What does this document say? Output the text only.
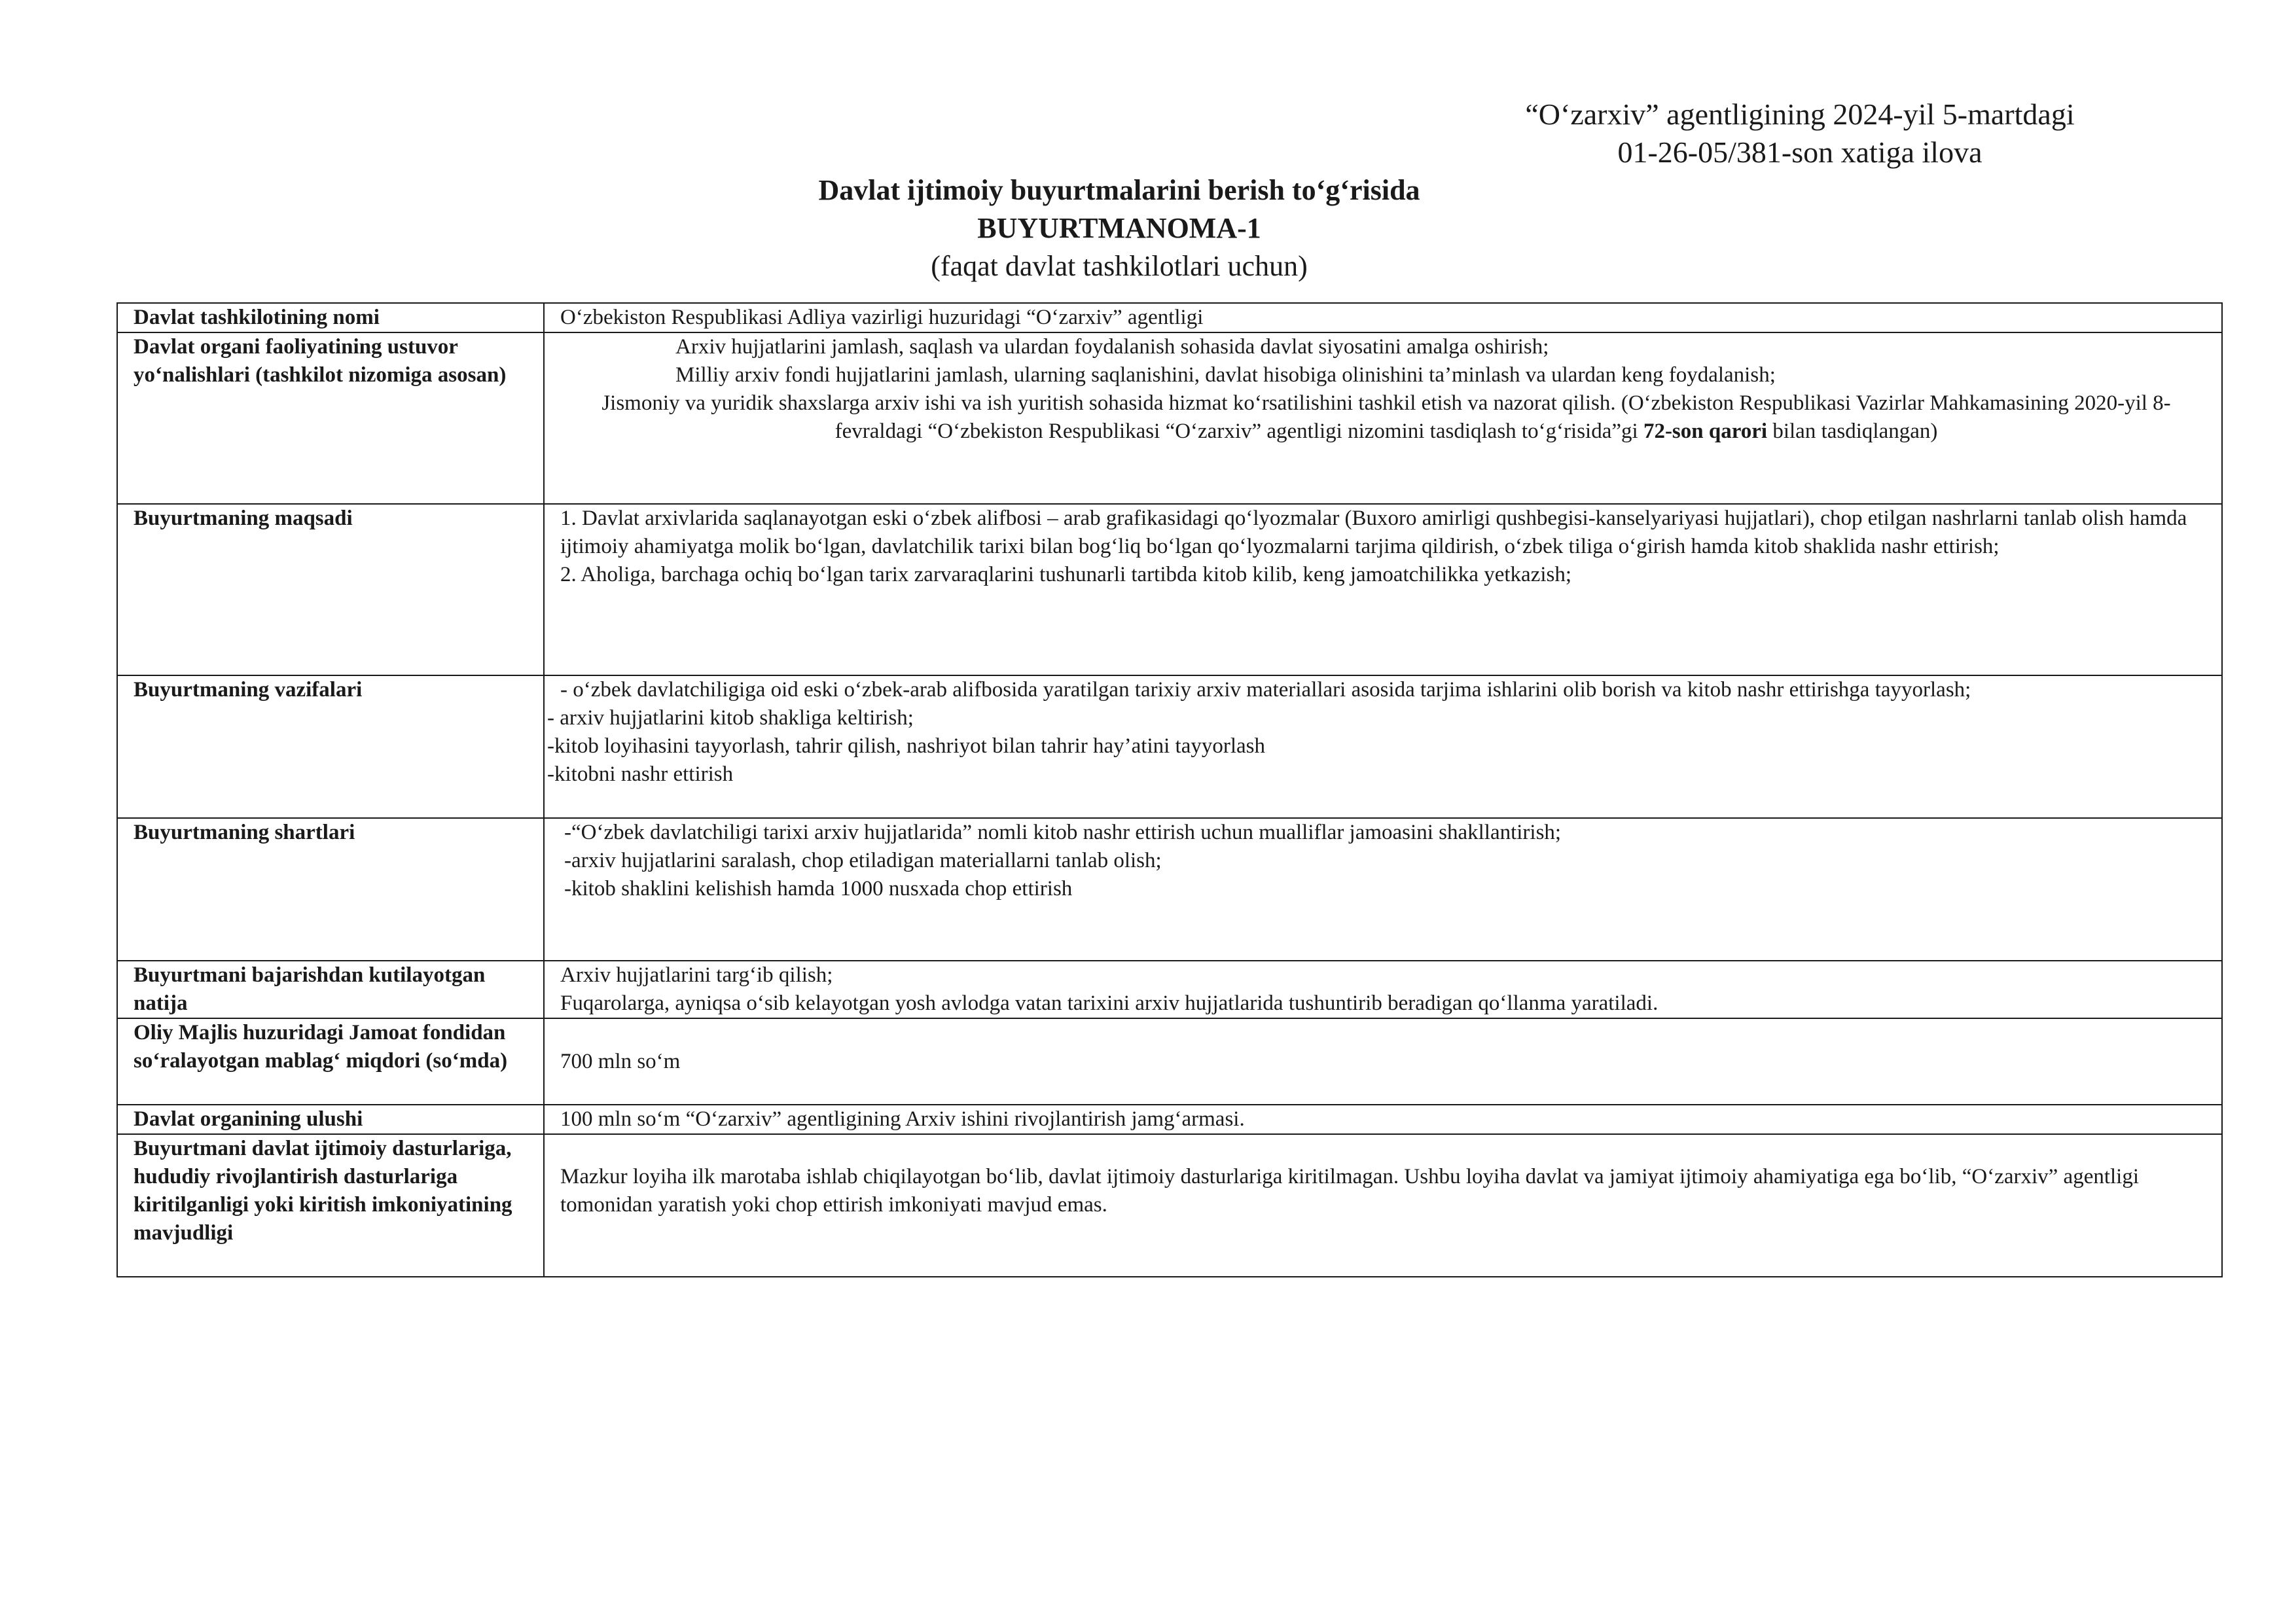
“O‘zarxiv” agentligining 2024-yil 5-martdagi
01-26-05/381-son xatiga ilova
Davlat ijtimoiy buyurtmalarini berish to‘g‘risida
BUYURTMANOMA-1
(faqat davlat tashkilotlari uchun)
Davlat tashkilotining nomi	O‘zbekiston Respublikasi Adliya vazirligi huzuridagi “O‘zarxiv” agentligi

Davlat organi faoliyatining ustuvor yo‘nalishlari (tashkilot nizomiga asosan)	Arxiv hujjatlarini jamlash, saqlash va ulardan foydalanish sohasida davlat siyosatini amalga oshirish;
Milliy arxiv fondi hujjatlarini jamlash, ularning saqlanishini, davlat hisobiga olinishini ta’minlash va ulardan keng foydalanish;
Jismoniy va yuridik shaxslarga arxiv ishi va ish yuritish sohasida hizmat ko‘rsatilishini tashkil etish va nazorat qilish. (O‘zbekiston Respublikasi Vazirlar Mahkamasining 2020-yil 8-fevraldagi “O‘zbekiston Respublikasi “O‘zarxiv” agentligi nizomini tasdiqlash to‘g‘risida”gi 72-son qarori bilan tasdiqlangan)

Buyurtmaning maqsadi	1. Davlat arxivlarida saqlanayotgan eski o‘zbek alifbosi – arab grafikasidagi qo‘lyozmalar (Buxoro amirligi qushbegisi-kanselyariyasi hujjatlari), chop etilgan nashrlarni tanlab olish hamda ijtimoiy ahamiyatga molik bo‘lgan, davlatchilik tarixi bilan bog‘liq bo‘lgan qo‘lyozmalarni tarjima qildirish, o‘zbek tiliga o‘girish hamda kitob shaklida nashr ettirish;
2. Aholiga, barchaga ochiq bo‘lgan tarix zarvaraqlarini tushunarli tartibda kitob kilib, keng jamoatchilikka yetkazish;

Buyurtmaning vazifalari	- o‘zbek davlatchiligiga oid eski o‘zbek-arab alifbosida yaratilgan tarixiy arxiv materiallari asosida tarjima ishlarini olib borish va kitob nashr ettirishga tayyorlash;
- arxiv hujjatlarini kitob shakliga keltirish;
-kitob loyihasini tayyorlash, tahrir qilish, nashriyot bilan tahrir hay’atini tayyorlash
-kitobni nashr ettirish

Buyurtmaning shartlari	-“O‘zbek davlatchiligi tarixi arxiv hujjatlarida” nomli kitob nashr ettirish uchun mualliflar jamoasini shakllantirish;
-arxiv hujjatlarini saralash, chop etiladigan materiallarni tanlab olish;
-kitob shaklini kelishish hamda 1000 nusxada chop ettirish

Buyurtmani bajarishdan kutilayotgan natija	Arxiv hujjatlarini targ‘ib qilish;
Fuqarolarga, ayniqsa o‘sib kelayotgan yosh avlodga vatan tarixini arxiv hujjatlarida tushuntirib beradigan qo‘llanma yaratiladi.

Oliy Majlis huzuridagi Jamoat fondidan so‘ralayotgan mablag‘ miqdori (so‘mda)	700 mln so‘m

Davlat organining ulushi	100 mln so‘m “O‘zarxiv” agentligining Arxiv ishini rivojlantirish jamg‘armasi.

Buyurtmani davlat ijtimoiy dasturlariga, hududiy rivojlantirish dasturlariga kiritilganligi yoki kiritish imkoniyatining mavjudligi	Mazkur loyiha ilk marotaba ishlab chiqilayotgan bo‘lib, davlat ijtimoiy dasturlariga kiritilmagan. Ushbu loyiha davlat va jamiyat ijtimoiy ahamiyatiga ega bo‘lib, “O‘zarxiv” agentligi tomonidan yaratish yoki chop ettirish imkoniyati mavjud emas.
